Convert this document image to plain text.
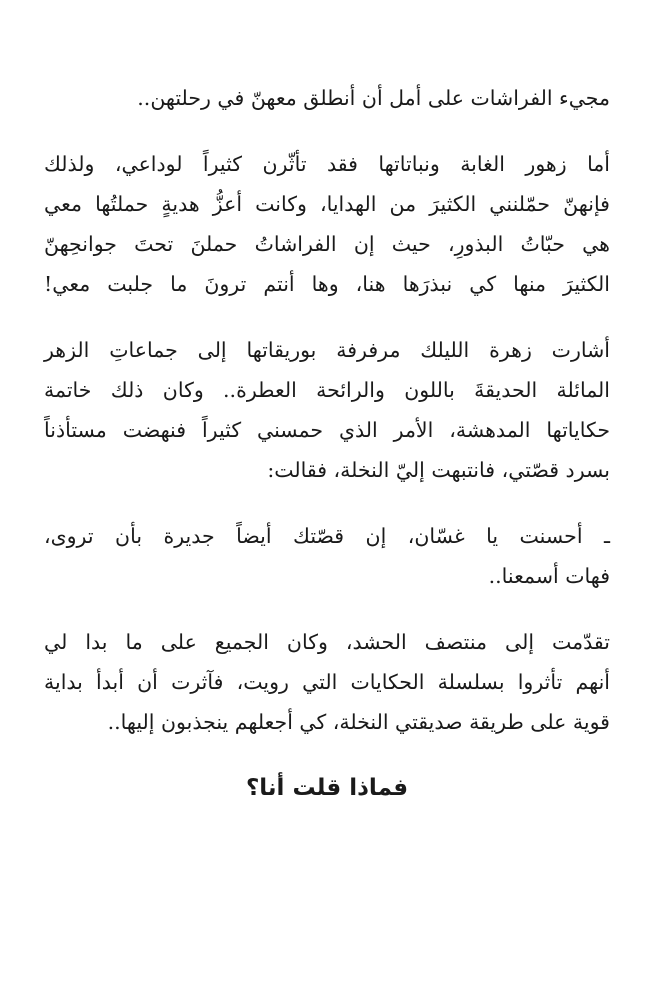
مجيء الفراشات على أمل أن أنطلق معهنّ في رحلتهن..
أما زهور الغابة ونباتاتها فقد تأثّرن كثيراً لوداعي، ولذلك
فإنهنّ حمّلنني الكثيرَ من الهدايا، وكانت أعزُّ هديةٍ حملتُها معي
هي حبّاتُ البذورِ، حيث إن الفراشاتُ حملنَ تحتَ جوانحِهنّ
الكثيرَ منها كي نبذرَها هنا، وها أنتم ترونَ ما جلبت معي!
أشارت زهرة الليلك مرفرفة بوريقاتها إلى جماعاتِ الزهر
المائلة الحديقةَ باللون والرائحة العطرة.. وكان ذلك خاتمة
حكاياتها المدهشة، الأمر الذي حمسني كثيراً فنهضت مستأذناً
بسرد قصّتي، فانتبهت إليّ النخلة، فقالت:
ـ أحسنت يا غسّان، إن قصّتك أيضاً جديرة بأن تروى،
فهات أسمعنا..
تقدّمت إلى منتصف الحشد، وكان الجميع على ما بدا لي
أنهم تأثروا بسلسلة الحكايات التي رويت، فآثرت أن أبدأ بداية
قوية على طريقة صديقتي النخلة، كي أجعلهم ينجذبون إليها..
فماذا قلت أنا؟
